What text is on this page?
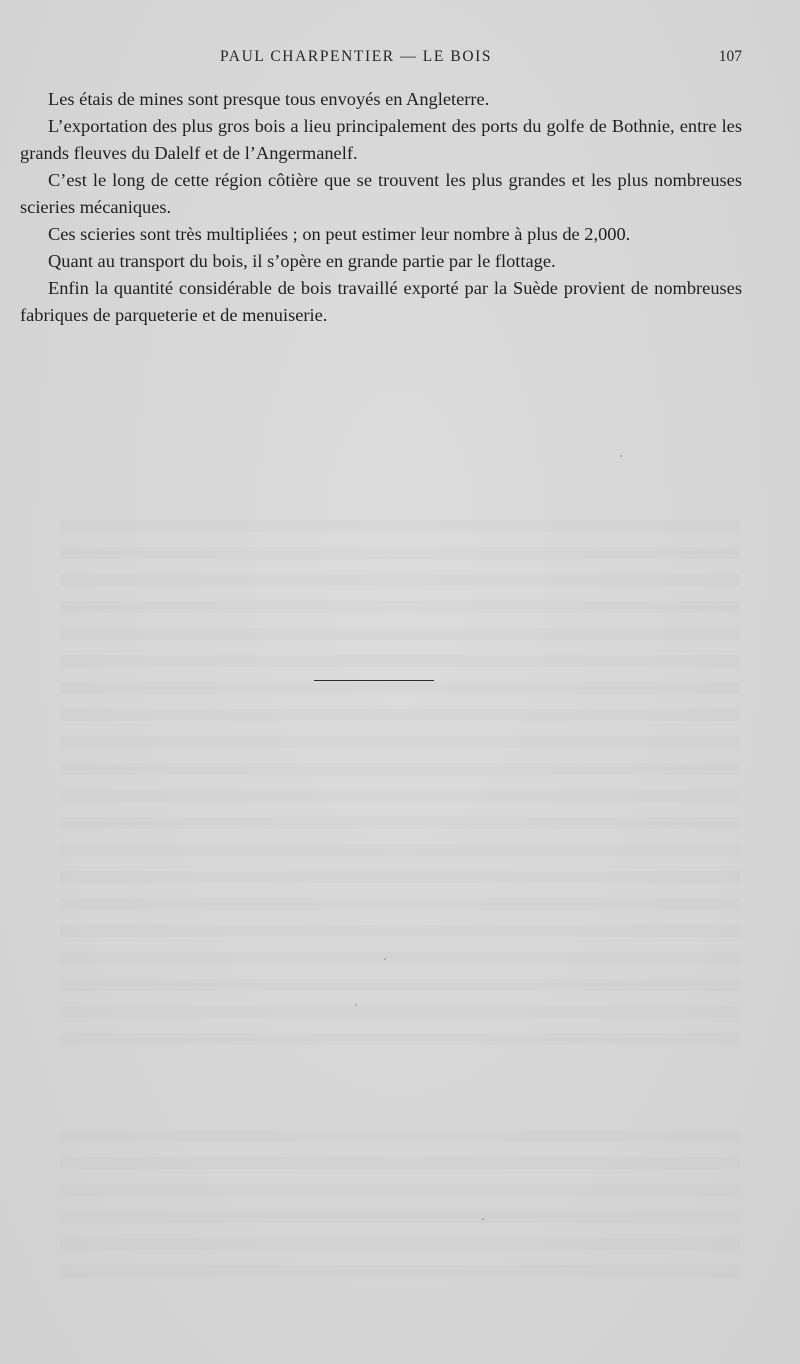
PAUL CHARPENTIER — LE BOIS	107

Les étais de mines sont presque tous envoyés en Angleterre.

L’exportation des plus gros bois a lieu principalement des ports du golfe de Bothnie, entre les grands fleuves du Dalelf et de l’Angermanelf.

C’est le long de cette région côtière que se trouvent les plus grandes et les plus nombreuses scieries mécaniques.

Ces scieries sont très multipliées ; on peut estimer leur nombre à plus de 2,000.

Quant au transport du bois, il s’opère en grande partie par le flottage.

Enfin la quantité considérable de bois travaillé exporté par la Suède provient de nombreuses fabriques de parqueterie et de menuiserie.
